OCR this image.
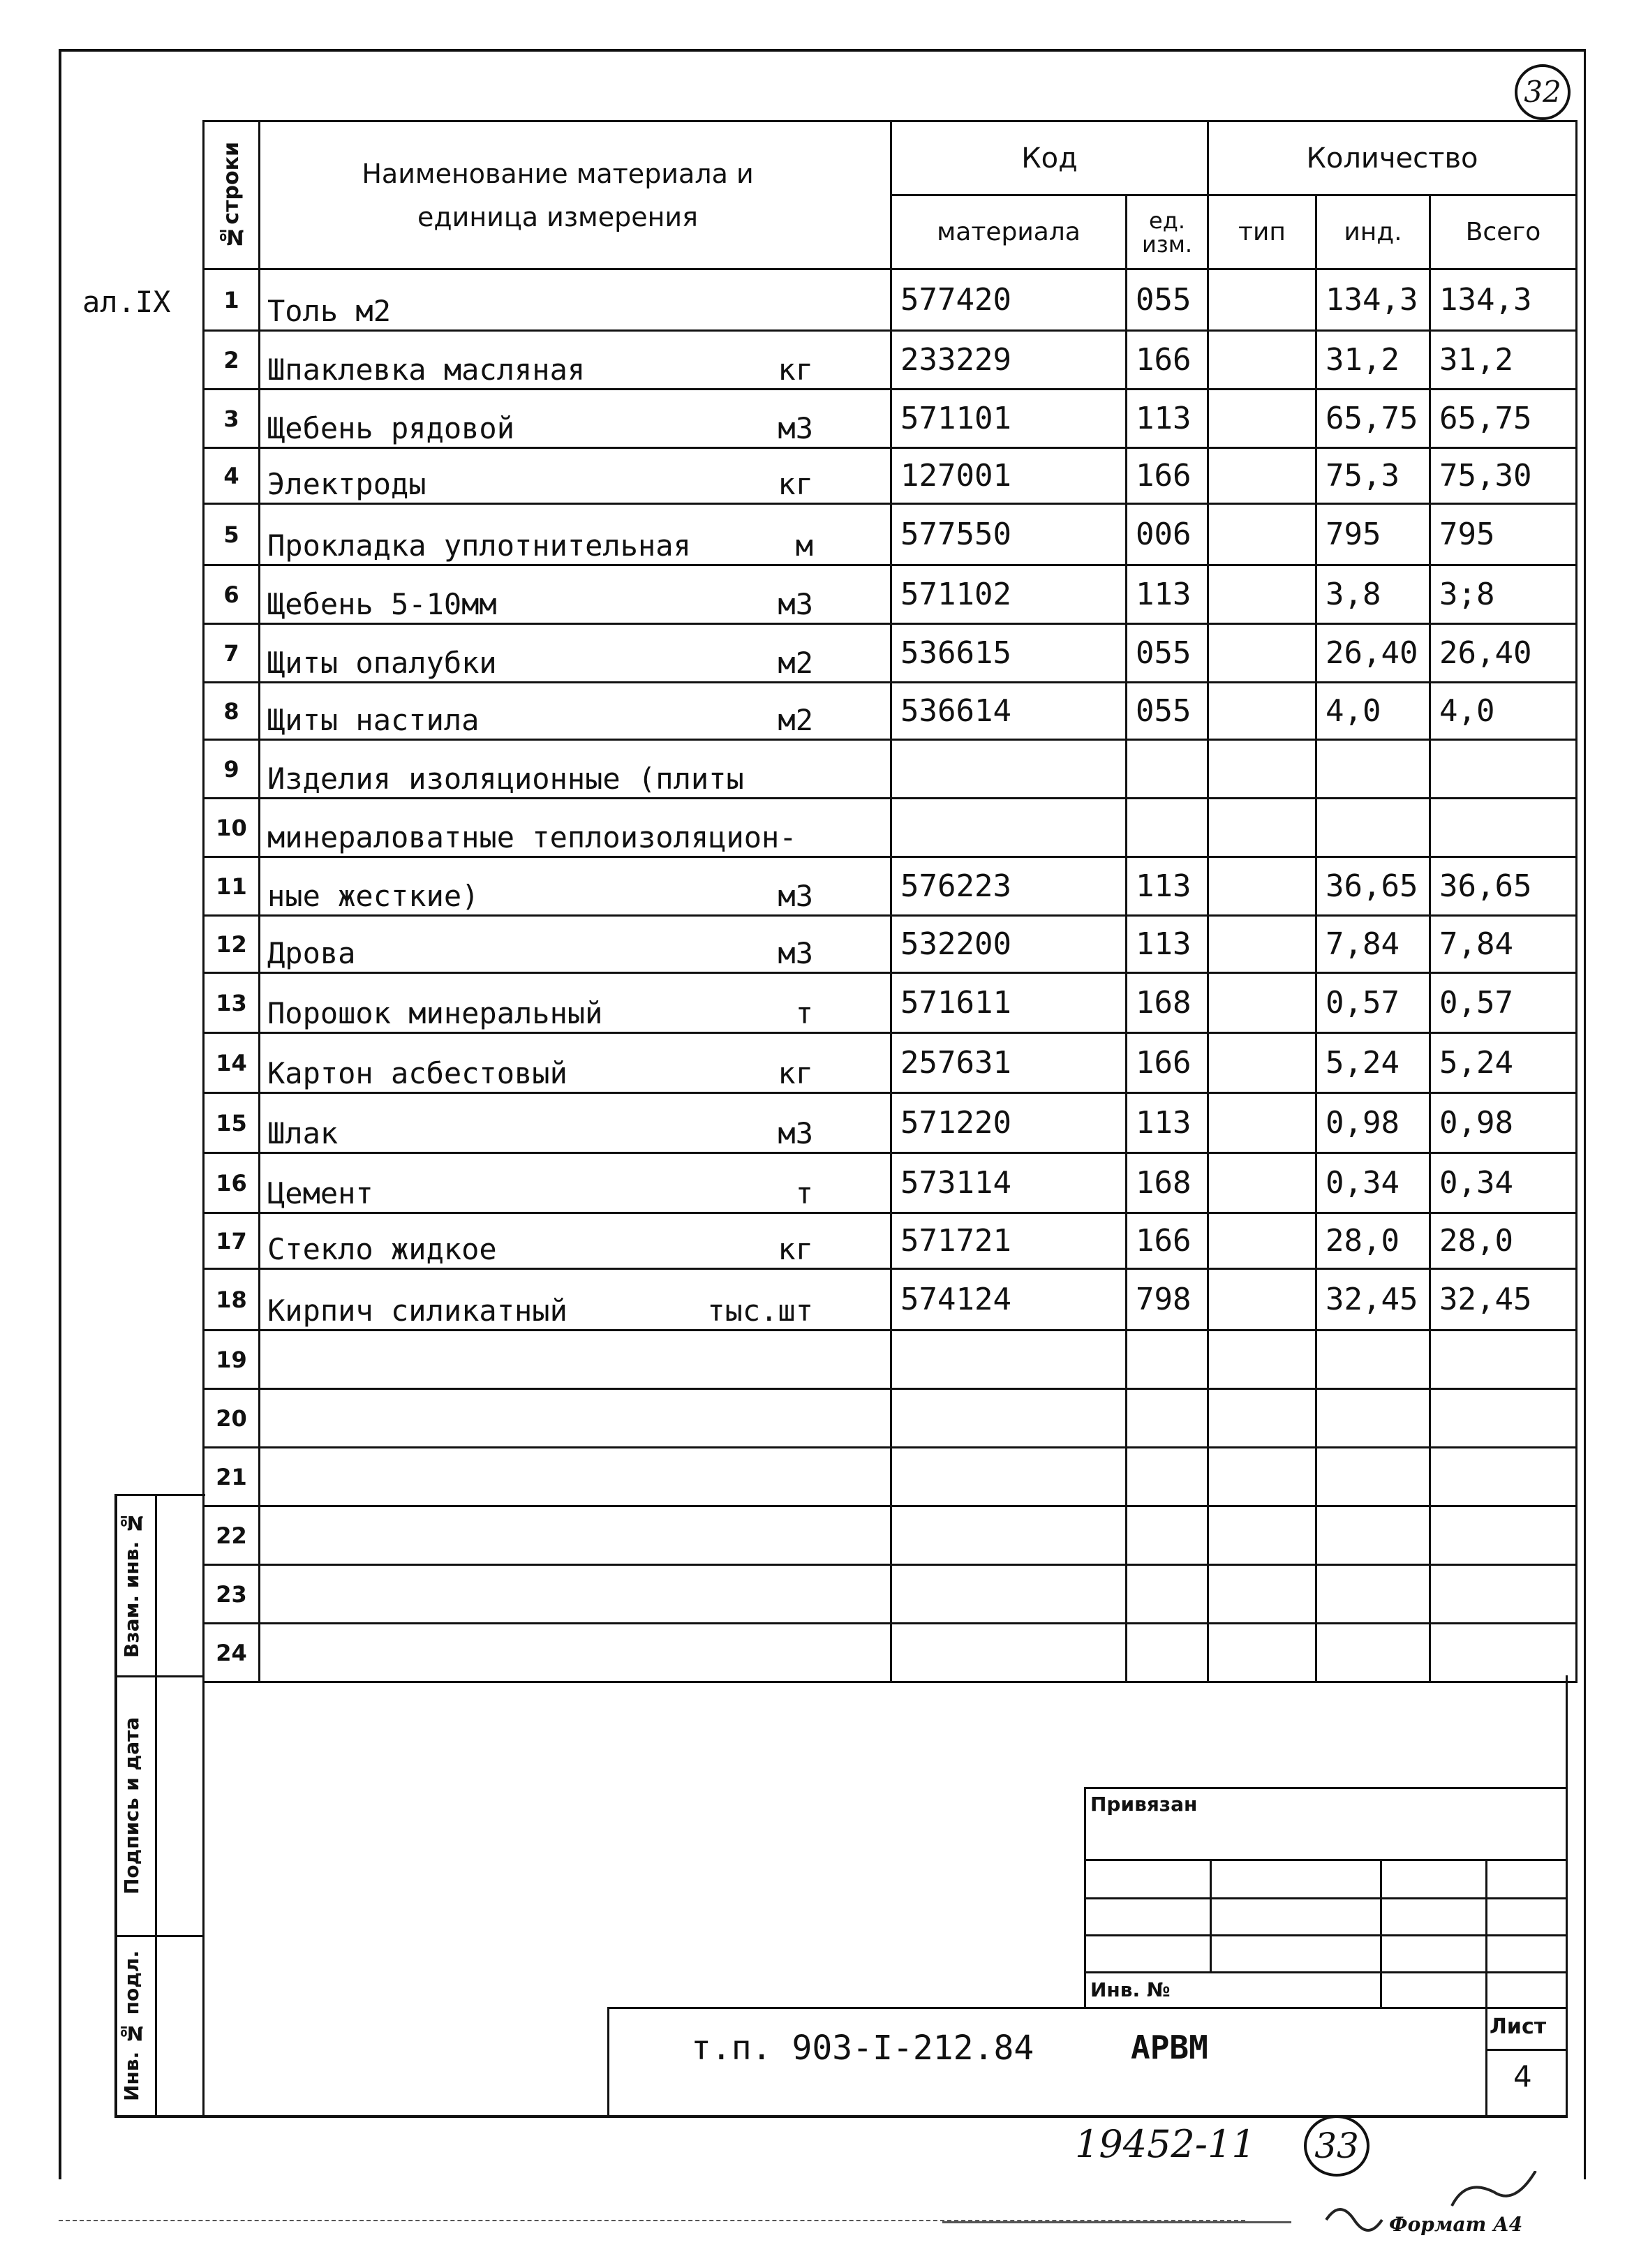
32
ал.IX
№строки	Наименование материала и единица измерения	Код		Количество		
		материала	ед. изм.	тип	инд.	Всего
1	Толь м2	577420	055		134,3	134,3
2	Шпаклевка масляная кг	233229	166		31,2	31,2
3	Щебень рядовой м3	571101	113		65,75	65,75
4	Электроды кг	127001	166		75,3	75,30
5	Прокладка уплотнительная м	577550	006		795	795
6	Щебень 5-10мм м3	571102	113		3,8	3;8
7	Щиты опалубки м2	536615	055		26,40	26,40
8	Щиты настила м2	536614	055		4,0	4,0
9	Изделия изоляционные (плиты

10	минераловатные теплоизоляцион-

11	ные жесткие) м3	576223	113		36,65	36,65
12	Дрова м3	532200	113		7,84	7,84
13	Порошок минеральный т	571611	168		0,57	0,57
14	Картон асбестовый кг	257631	166		5,24	5,24
15	Шлак м3	571220	113		0,98	0,98
16	Цемент т	573114	168		0,34	0,34
17	Стекло жидкое кг	571721	166		28,0	28,0
18	Кирпич силикатный тыс.шт	574124	798		32,45	32,45
19	

20	

21	

22	

23	

24	

Взам. инв. №
Подпись и дата
Инв. № подл.
Привязан
Инв. №
т.п. 903-I-212.84	АРВМ
Лист
4
19452-11	33
Формат А4
